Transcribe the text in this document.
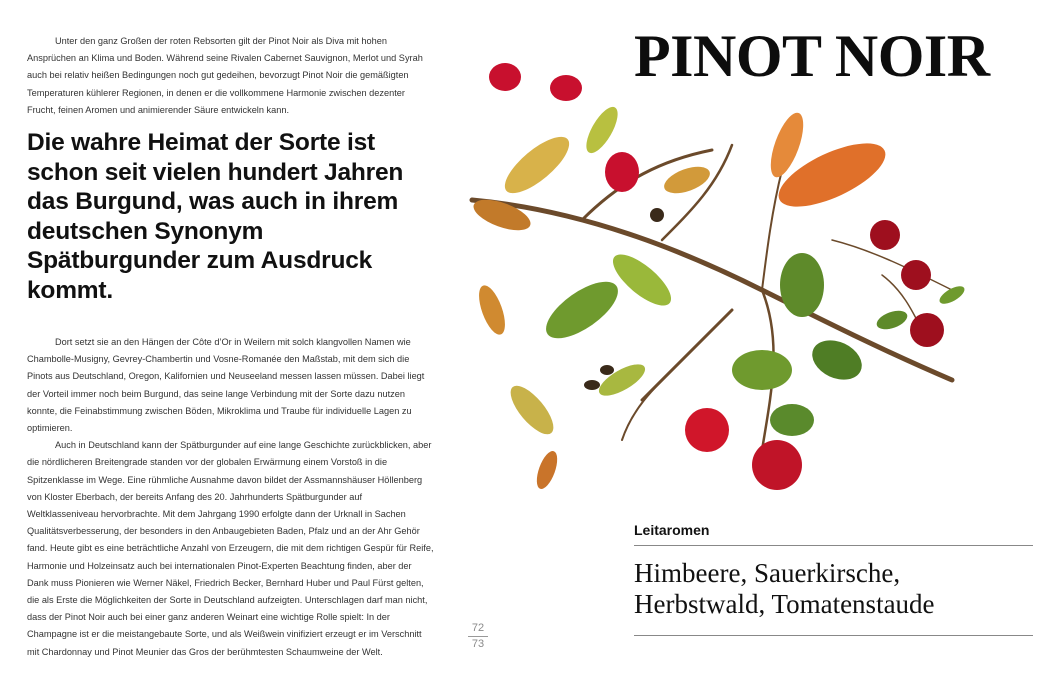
Unter den ganz Großen der roten Rebsorten gilt der Pinot Noir als Diva mit hohen Ansprüchen an Klima und Boden. Während seine Rivalen Cabernet Sauvignon, Merlot und Syrah auch bei relativ heißen Bedingungen noch gut gedeihen, bevorzugt Pinot Noir die gemäßigten Temperaturen kühlerer Regionen, in denen er die vollkommene Harmonie zwischen dezenter Frucht, feinen Aromen und animierender Säure entwickeln kann.

Die wahre Heimat der Sorte ist schon seit vielen hundert Jahren das Burgund, was auch in ihrem deutschen Synonym Spätburgunder zum Ausdruck kommt.

Dort setzt sie an den Hängen der Côte d’Or in Weilern mit solch klangvollen Namen wie Chambolle-Musigny, Gevrey-Chambertin und Vosne-Romanée den Maßstab, mit dem sich die Pinots aus Deutschland, Oregon, Kalifornien und Neuseeland messen lassen müssen. Dabei liegt der Vorteil immer noch beim Burgund, das seine lange Verbindung mit der Sorte dazu nutzen konnte, die Feinabstimmung zwischen Böden, Mikroklima und Traube für individuelle Lagen zu optimieren.

Auch in Deutschland kann der Spätburgunder auf eine lange Geschichte zurückblicken, aber die nördlicheren Breitengrade standen vor der globalen Erwärmung einem Vorstoß in die Spitzenklasse im Wege. Eine rühmliche Ausnahme davon bildet der Assmannshäuser Höllenberg von Kloster Eberbach, der bereits Anfang des 20. Jahrhunderts Spätburgunder auf Weltklasseniveau hervorbrachte. Mit dem Jahrgang 1990 erfolgte dann der Urknall in Sachen Qualitätsverbesserung, der besonders in den Anbaugebieten Baden, Pfalz und an der Ahr Gehör fand. Heute gibt es eine beträchtliche Anzahl von Erzeugern, die mit dem richtigen Gespür für Reife, Harmonie und Holzeinsatz auch bei internationalen Pinot-Experten Beachtung finden, aber der Dank muss Pionieren wie Werner Näkel, Friedrich Becker, Bernhard Huber und Paul Fürst gelten, die als Erste die Möglichkeiten der Sorte in Deutschland aufzeigten. Unterschlagen darf man nicht, dass der Pinot Noir auch bei einer ganz anderen Weinart eine wichtige Rolle spielt: In der Champagne ist er die meistangebaute Sorte, und als Weißwein vinifiziert erzeugt er im Verschnitt mit Chardonnay und Pinot Meunier das Gros der berühmtesten Schaumweine der Welt.

72
73
PINOT NOIR
Leitaromen

Himbeere, Sauerkirsche,
Herbstwald, Tomatenstaude
